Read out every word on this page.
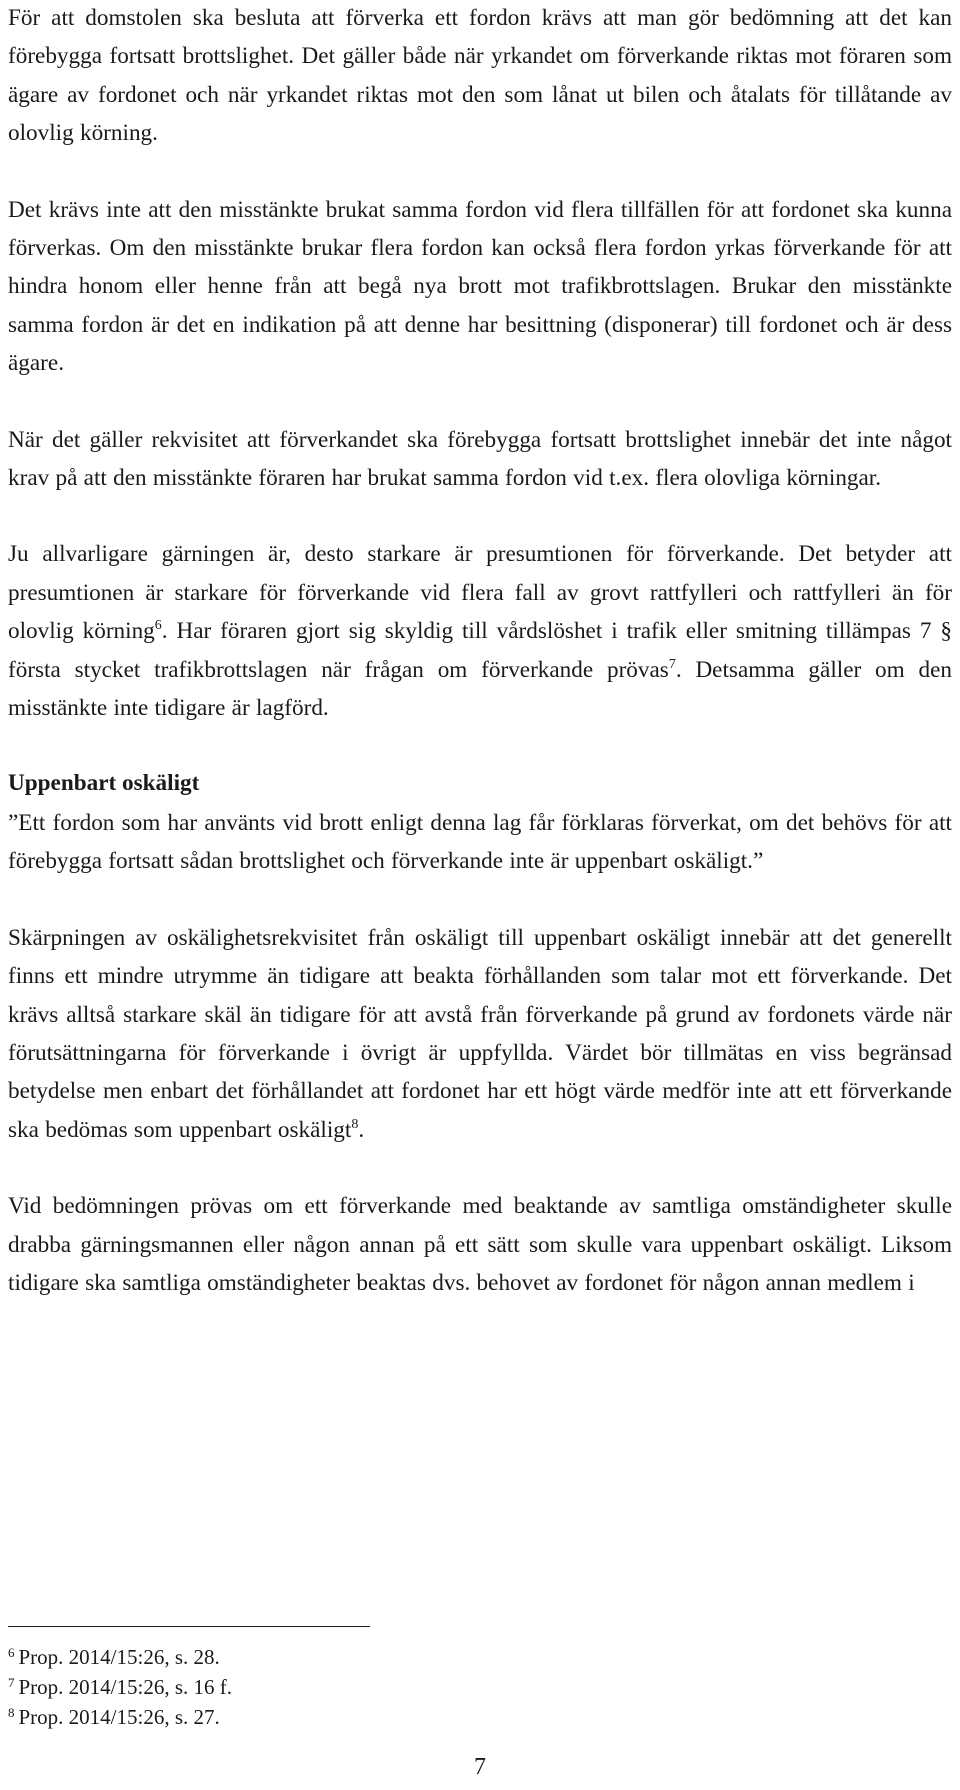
För att domstolen ska besluta att förverka ett fordon krävs att man gör bedömning att det kan förebygga fortsatt brottslighet. Det gäller både när yrkandet om förverkande riktas mot föraren som ägare av fordonet och när yrkandet riktas mot den som lånat ut bilen och åtalats för tillåtande av olovlig körning.

Det krävs inte att den misstänkte brukat samma fordon vid flera tillfällen för att fordonet ska kunna förverkas. Om den misstänkte brukar flera fordon kan också flera fordon yrkas förverkande för att hindra honom eller henne från att begå nya brott mot trafikbrottslagen. Brukar den misstänkte samma fordon är det en indikation på att denne har besittning (disponerar) till fordonet och är dess ägare.

När det gäller rekvisitet att förverkandet ska förebygga fortsatt brottslighet innebär det inte något krav på att den misstänkte föraren har brukat samma fordon vid t.ex. flera olovliga körningar.

Ju allvarligare gärningen är, desto starkare är presumtionen för förverkande. Det betyder att presumtionen är starkare för förverkande vid flera fall av grovt rattfylleri och rattfylleri än för olovlig körning$^6$. Har föraren gjort sig skyldig till vårdslöshet i trafik eller smitning tillämpas 7 § första stycket trafikbrottslagen när frågan om förverkande prövas$^7$. Detsamma gäller om den misstänkte inte tidigare är lagförd.

Uppenbart oskäligt

”Ett fordon som har använts vid brott enligt denna lag får förklaras förverkat, om det behövs för att förebygga fortsatt sådan brottslighet och förverkande inte är uppenbart oskäligt.”

Skärpningen av oskälighetsrekvisitet från oskäligt till uppenbart oskäligt innebär att det generellt finns ett mindre utrymme än tidigare att beakta förhållanden som talar mot ett förverkande. Det krävs alltså starkare skäl än tidigare för att avstå från förverkande på grund av fordonets värde när förutsättningarna för förverkande i övrigt är uppfyllda. Värdet bör tillmätas en viss begränsad betydelse men enbart det förhållandet att fordonet har ett högt värde medför inte att ett förverkande ska bedömas som uppenbart oskäligt$^8$.

Vid bedömningen prövas om ett förverkande med beaktande av samtliga omständigheter skulle drabba gärningsmannen eller någon annan på ett sätt som skulle vara uppenbart oskäligt. Liksom tidigare ska samtliga omständigheter beaktas dvs. behovet av fordonet för någon annan medlem i

$^6$ Prop. 2014/15:26, s. 28.
$^7$ Prop. 2014/15:26, s. 16 f.
$^8$ Prop. 2014/15:26, s. 27.
7
